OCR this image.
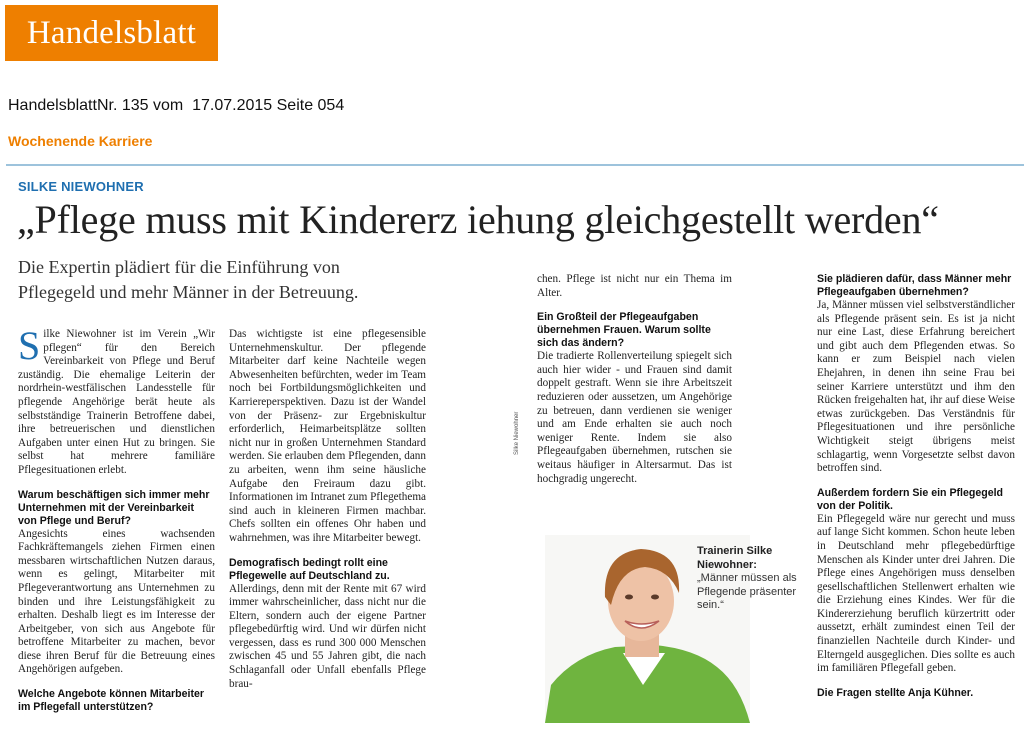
Handelsblatt
HandelsblattNr. 135 vom  17.07.2015 Seite 054
Wochenende Karriere
SILKE NIEWOHNER
„Pflege muss mit Kindererz iehung gleichgestellt werden“
Die Expertin plädiert für die Einführung von Pflegegeld und mehr Männer in der Betreuung.

Silke Niewohner ist im Verein „Wir pflegen“ für den Bereich Vereinbarkeit von Pflege und Beruf zuständig. Die ehemalige Leiterin der nordrhein-westfälischen Landesstelle für pflegende Angehörige berät heute als selbstständige Trainerin Betroffene dabei, ihre betreuerischen und dienstlichen Aufgaben unter einen Hut zu bringen. Sie selbst hat mehrere familiäre Pflegesituationen erlebt.

Warum beschäftigen sich immer mehr Unternehmen mit der Vereinbarkeit von Pflege und Beruf?

Angesichts eines wachsenden Fachkräftemangels ziehen Firmen einen messbaren wirtschaftlichen Nutzen daraus, wenn es gelingt, Mitarbeiter mit Pflegeverantwortung ans Unternehmen zu binden und ihre Leistungsfähigkeit zu erhalten. Deshalb liegt es im Interesse der Arbeitgeber, von sich aus Angebote für betroffene Mitarbeiter zu machen, bevor diese ihren Beruf für die Betreuung eines Angehörigen aufgeben.

Welche Angebote können Mitarbeiter im Pflegefall unterstützen?

Das wichtigste ist eine pflegesensible Unternehmenskultur. Der pflegende Mitarbeiter darf keine Nachteile wegen Abwesenheiten befürchten, weder im Team noch bei Fortbildungsmöglichkeiten und Karriereperspektiven. Dazu ist der Wandel von der Präsenz- zur Ergebniskultur erforderlich, Heimarbeitsplätze sollten nicht nur in großen Unternehmen Standard werden. Sie erlauben dem Pflegenden, dann zu arbeiten, wenn ihm seine häusliche Aufgabe den Freiraum dazu gibt. Informationen im Intranet zum Pflegethema sind auch in kleineren Firmen machbar. Chefs sollten ein offenes Ohr haben und wahrnehmen, was ihre Mitarbeiter bewegt.

Demografisch bedingt rollt eine Pflegewelle auf Deutschland zu.

Allerdings, denn mit der Rente mit 67 wird immer wahrscheinlicher, dass nicht nur die Eltern, sondern auch der eigene Partner pflegebedürftig wird. Und wir dürfen nicht vergessen, dass es rund 300 000 Menschen zwischen 45 und 55 Jahren gibt, die nach Schlaganfall oder Unfall ebenfalls Pflege brau-

chen. Pflege ist nicht nur ein Thema im Alter.

Ein Großteil der Pflegeaufgaben übernehmen Frauen. Warum sollte sich das ändern?

Die tradierte Rollenverteilung spiegelt sich auch hier wider - und Frauen sind damit doppelt gestraft. Wenn sie ihre Arbeitszeit reduzieren oder aussetzen, um Angehörige zu betreuen, dann verdienen sie weniger und am Ende erhalten sie auch noch weniger Rente. Indem sie also Pflegeaufgaben übernehmen, rutschen sie weitaus häufiger in Altersarmut. Das ist hochgradig ungerecht.

Sie plädieren dafür, dass Männer mehr Pflegeaufgaben übernehmen?

Ja, Männer müssen viel selbstverständlicher als Pflegende präsent sein. Es ist ja nicht nur eine Last, diese Erfahrung bereichert und gibt auch dem Pflegenden etwas. So kann er zum Beispiel nach vielen Ehejahren, in denen ihn seine Frau bei seiner Karriere unterstützt und ihm den Rücken freigehalten hat, ihr auf diese Weise etwas zurückgeben. Das Verständnis für Pflegesituationen und ihre persönliche Wichtigkeit steigt übrigens meist schlagartig, wenn Vorgesetzte selbst davon betroffen sind.

Außerdem fordern Sie ein Pflegegeld von der Politik.

Ein Pflegegeld wäre nur gerecht und muss auf lange Sicht kommen. Schon heute leben in Deutschland mehr pflegebedürftige Menschen als Kinder unter drei Jahren. Die Pflege eines Angehörigen muss denselben gesellschaftlichen Stellenwert erhalten wie die Erziehung eines Kindes. Wer für die Kindererziehung beruflich kürzertritt oder aussetzt, erhält zumindest einen Teil der finanziellen Nachteile durch Kinder- und Elterngeld ausgeglichen. Dies sollte es auch im familiären Pflegefall geben.

Die Fragen stellte Anja Kühner.

Silke Niewohner
Trainerin Silke Niewohner:
„Männer müssen als Pflegende präsenter sein.“
